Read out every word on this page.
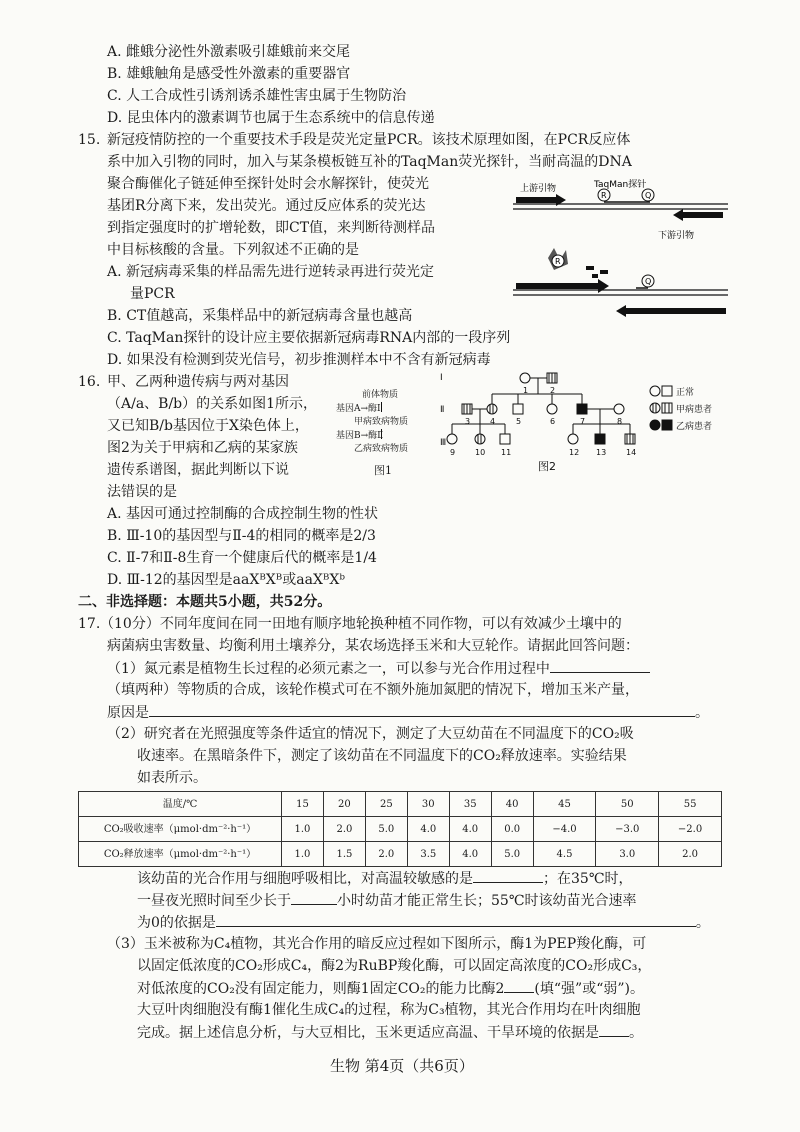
A. 雌蛾分泌性外激素吸引雄蛾前来交尾
B. 雄蛾触角是感受性外激素的重要器官
C. 人工合成性引诱剂诱杀雄性害虫属于生物防治
D. 昆虫体内的激素调节也属于生态系统中的信息传递
15. 新冠疫情防控的一个重要技术手段是荧光定量PCR。该技术原理如图，在PCR反应体
系中加入引物的同时，加入与某条模板链互补的TaqMan荧光探针，当耐高温的DNA
聚合酶催化子链延伸至探针处时会水解探针，使荧光
基团R分离下来，发出荧光。通过反应体系的荧光达
到指定强度时的扩增轮数，即CT值，来判断待测样品
中目标核酸的含量。下列叙述不正确的是
A. 新冠病毒采集的样品需先进行逆转录再进行荧光定
量PCR
B. CT值越高，采集样品中的新冠病毒含量也越高
C. TaqMan探针的设计应主要依据新冠病毒RNA内部的一段序列
D. 如果没有检测到荧光信号，初步推测样本中不含有新冠病毒
上游引物	TaqMan探针
R	Q
下游引物
R
Q
16. 甲、乙两种遗传病与两对基因
（A/a、B/b）的关系如图1所示，
又已知B/b基因位于X染色体上，
图2为关于甲病和乙病的某家族
遗传系谱图，据此判断以下说
法错误的是
A. 基因可通过控制酶的合成控制生物的性状
B. Ⅲ-10的基因型与Ⅱ-4的相同的概率是2/3
C. Ⅱ-7和Ⅱ-8生育一个健康后代的概率是1/4
D. Ⅲ-12的基因型是aaXᴮXᴮ或aaXᴮXᵇ
前体物质
基因A→酶Ⅰ
甲病致病物质
基因B→酶Ⅱ
乙病致病物质
图1
Ⅰ
Ⅱ
Ⅲ
1	2
3 4	5	6	7	8
9 10 11	12 13 14
图2
正常
甲病患者
乙病患者
二、非选择题：本题共5小题，共52分。
17. （10分）不同年度间在同一田地有顺序地轮换种植不同作物，可以有效减少土壤中的
病菌病虫害数量、均衡利用土壤养分，某农场选择玉米和大豆轮作。请据此回答问题：
（1）氮元素是植物生长过程的必须元素之一，可以参与光合作用过程中
（填两种）等物质的合成，该轮作模式可在不额外施加氮肥的情况下，增加玉米产量，
原因是	。
（2）研究者在光照强度等条件适宜的情况下，测定了大豆幼苗在不同温度下的CO₂吸
收速率。在黑暗条件下，测定了该幼苗在不同温度下的CO₂释放速率。实验结果
如表所示。
温度/℃	15	20	25	30	35	40	45	50	55
CO₂吸收速率（μmol·dm⁻²·h⁻¹）	1.0	2.0	5.0	4.0	4.0	0.0	−4.0	−3.0	−2.0
CO₂释放速率（μmol·dm⁻²·h⁻¹）	1.0	1.5	2.0	3.5	4.0	5.0	4.5	3.0	2.0
该幼苗的光合作用与细胞呼吸相比，对高温较敏感的是	；在35℃时，
一昼夜光照时间至少长于	小时幼苗才能正常生长；55℃时该幼苗光合速率
为0的依据是	。
（3）玉米被称为C₄植物，其光合作用的暗反应过程如下图所示，酶1为PEP羧化酶，可
以固定低浓度的CO₂形成C₄，酶2为RuBP羧化酶，可以固定高浓度的CO₂形成C₃，
对低浓度的CO₂没有固定能力，则酶1固定CO₂的能力比酶2 (填“强”或“弱”)。
大豆叶肉细胞没有酶1催化生成C₄的过程，称为C₃植物，其光合作用均在叶肉细胞
完成。据上述信息分析，与大豆相比，玉米更适应高温、干旱环境的依据是 。
生物 第4页（共6页）
